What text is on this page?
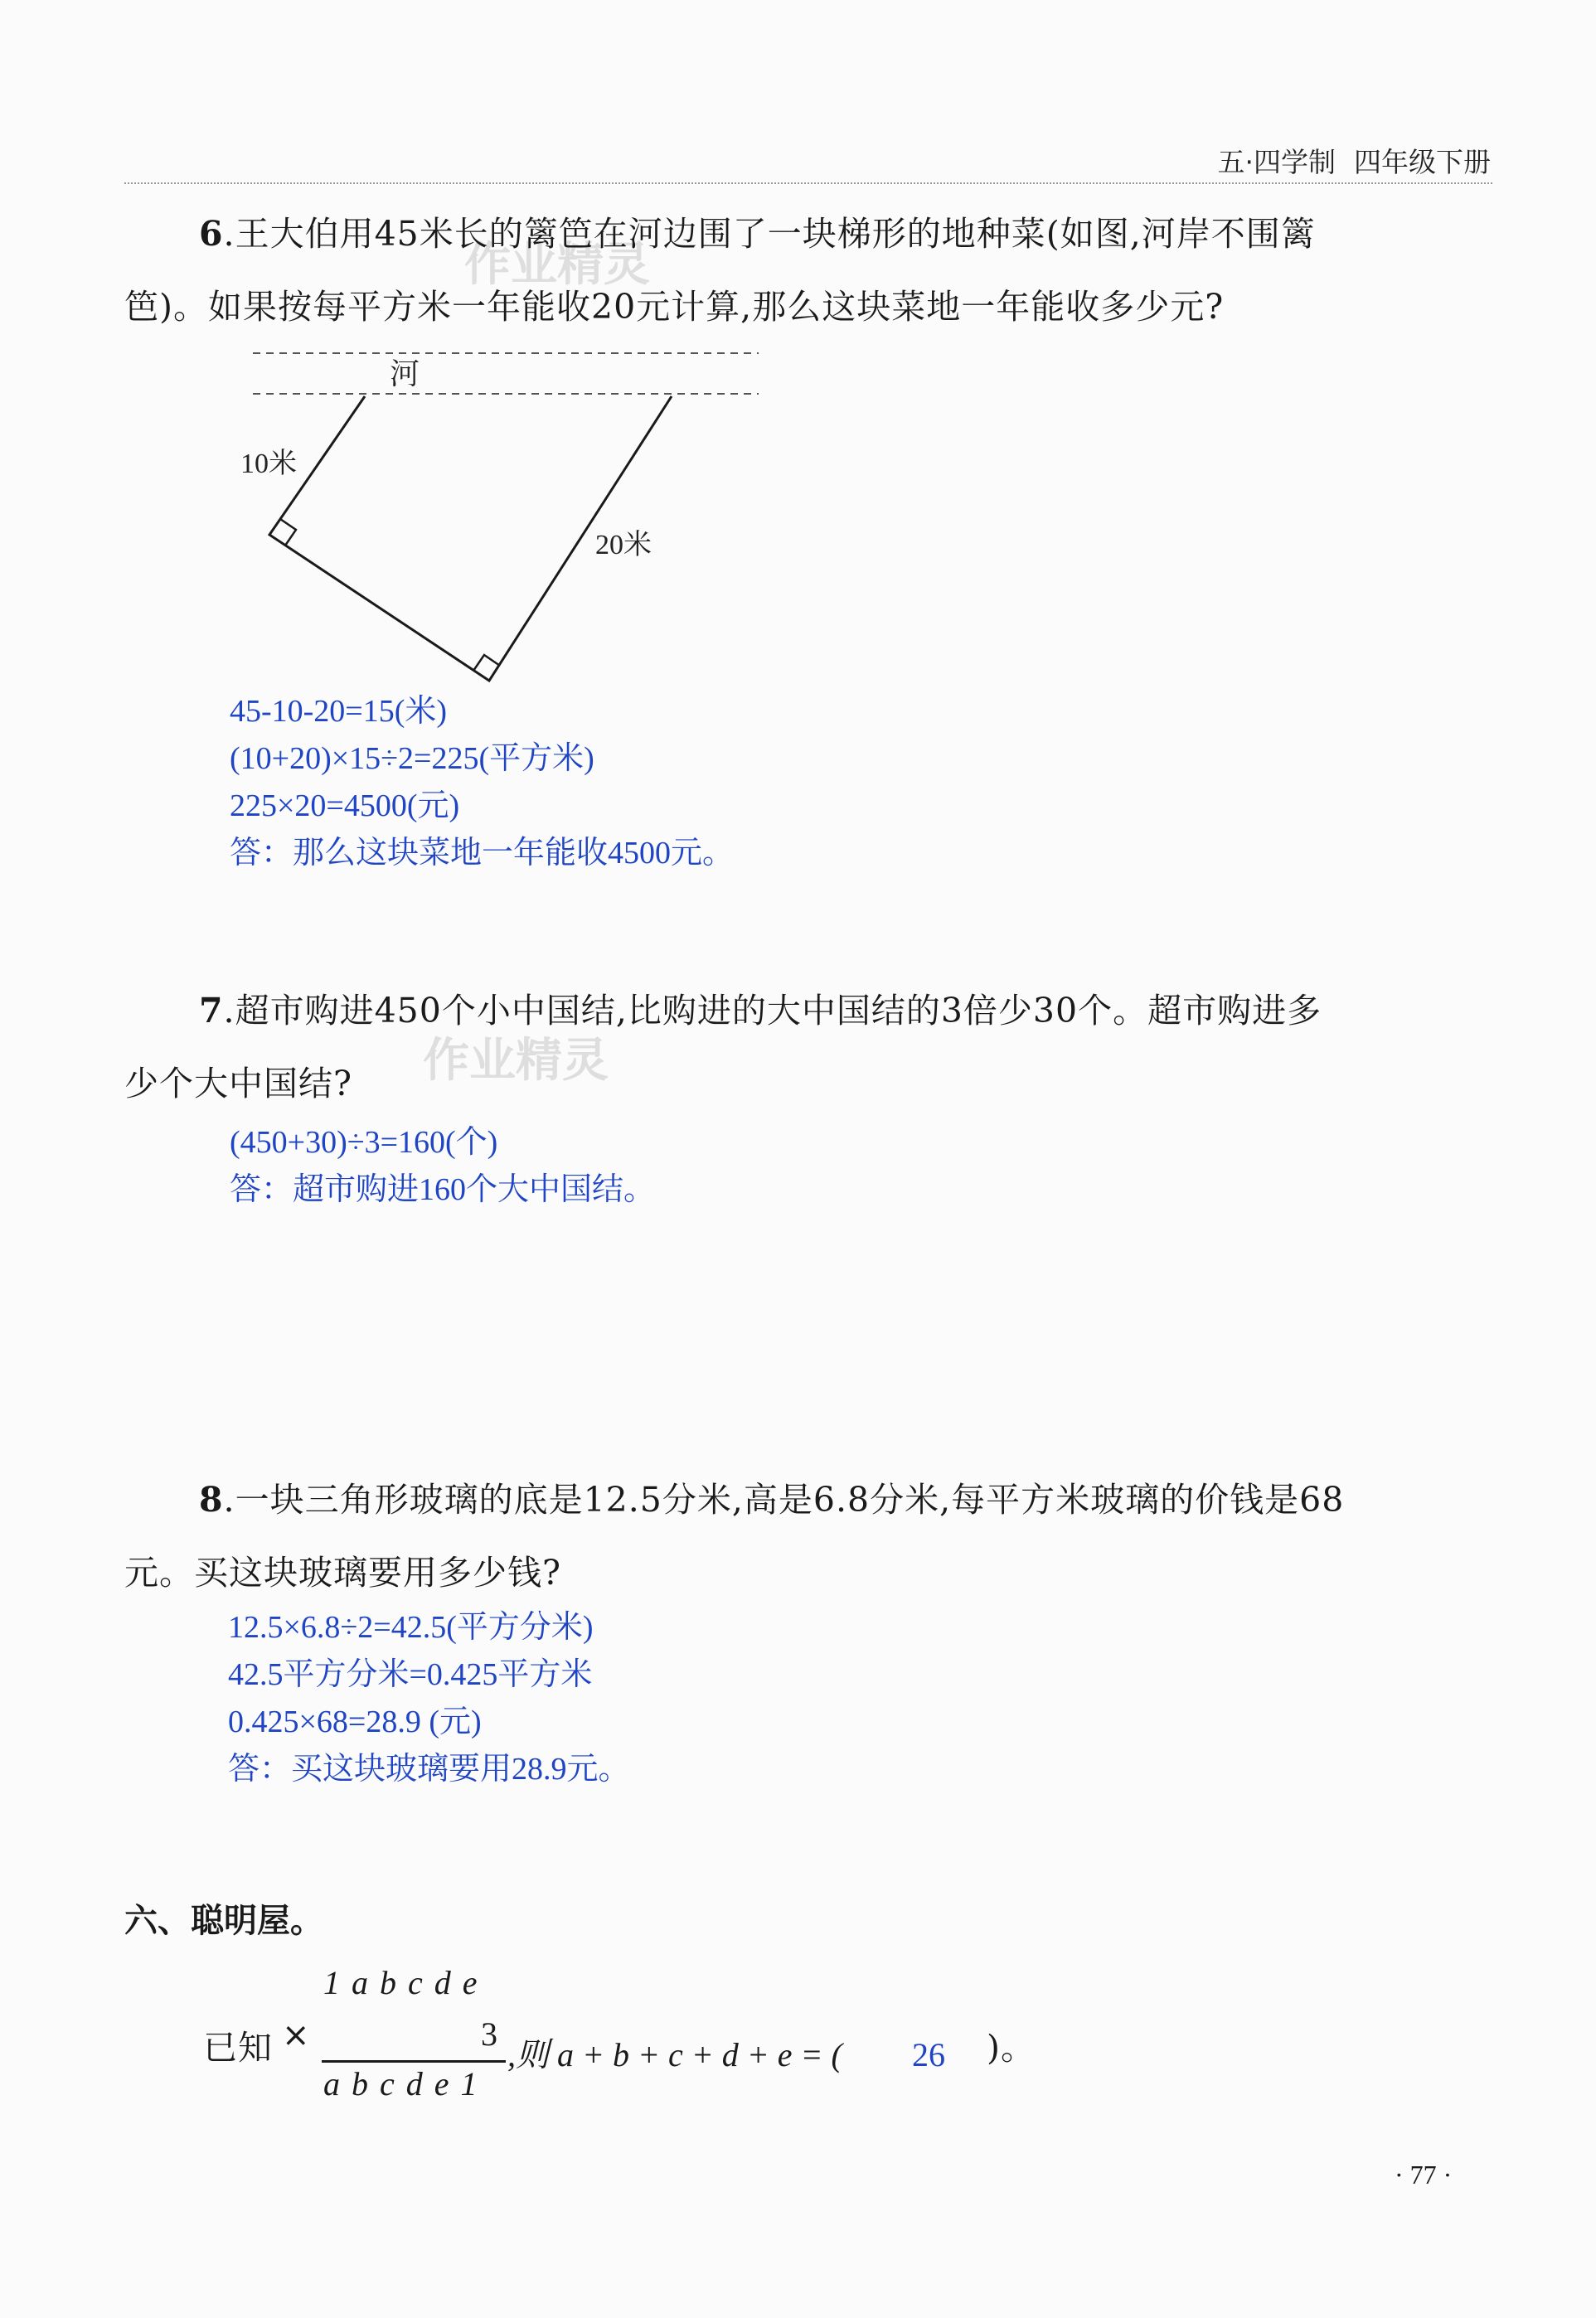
五·四学制 四年级下册
作业精灵
作业精灵
6.王大伯用45米长的篱笆在河边围了一块梯形的地种菜(如图,河岸不围篱
笆)。如果按每平方米一年能收20元计算,那么这块菜地一年能收多少元?
河
10米
20米
45-10-20=15(米)
(10+20)×15÷2=225(平方米)
225×20=4500(元)
答：那么这块菜地一年能收4500元。
7.超市购进450个小中国结,比购进的大中国结的3倍少30个。超市购进多
少个大中国结?
(450+30)÷3=160(个)
答：超市购进160个大中国结。
8.一块三角形玻璃的底是12.5分米,高是6.8分米,每平方米玻璃的价钱是68
元。买这块玻璃要用多少钱?
12.5×6.8÷2=42.5(平方分米)
42.5平方分米=0.425平方米
0.425×68=28.9 (元)
答：买这块玻璃要用28.9元。
六、聪明屋。
1 a b c d e
已知 ×	3
a b c d e 1
,则 a + b + c + d + e = ( 26 )。
· 77 ·
